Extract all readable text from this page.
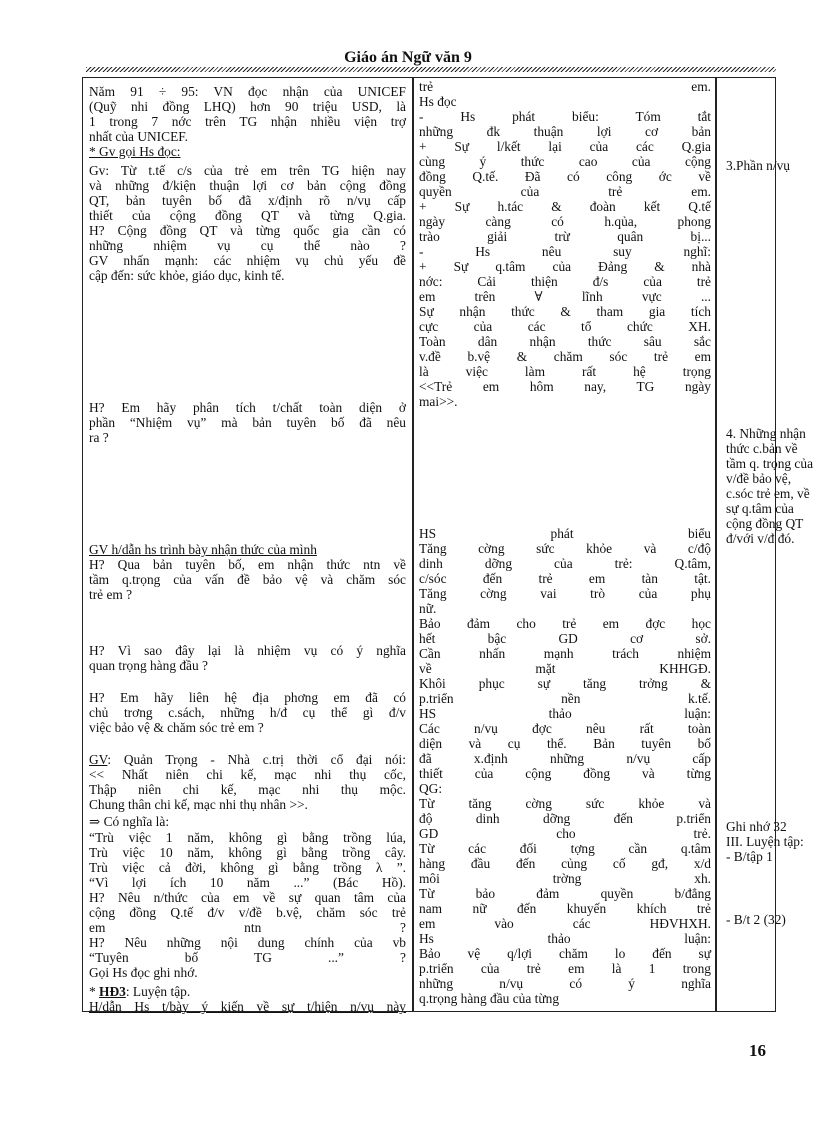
Giáo án Ngữ văn 9
Năm 91 ÷ 95: VN đọc nhận của UNICEF
(Quỹ nhi đồng LHQ) hơn 90 triệu USD, là
1 trong 7 nớc trên TG nhận nhiều viện trợ
nhất của UNICEF.
* Gv gọi Hs đọc:
Gv: Từ t.tế c/s của trẻ em trên TG hiện nay
và những đ/kiện thuận lợi cơ bản cộng đồng
QT, bản tuyên bố đã x/định rõ n/vụ cấp
thiết của cộng đồng QT và từng Q.gia.
H? Cộng đồng QT và từng quốc gia cần có
những nhiệm vụ cụ thể nào ?
GV nhấn mạnh: các nhiệm vụ chủ yếu đề
cập đến: sức khỏe, giáo dục, kinh tế.
H? Em hãy phân tích t/chất toàn diện ở
phần “Nhiệm vụ” mà bản tuyên bố đã nêu
ra ?
GV h/dẫn hs trình bày nhận thức của mình
H? Qua bản tuyên bố, em nhận thức ntn về
tầm q.trọng của vấn đề bảo vệ và chăm sóc
trẻ em ?
H? Vì sao đây lại là nhiệm vụ có ý nghĩa
quan trọng hàng đầu ?
H? Em hãy liên hệ địa phơng em đã có
chủ trơng c.sách, những h/đ cụ thể gì đ/v
việc bảo vệ & chăm sóc trẻ em ?
GV: Quản Trọng - Nhà c.trị thời cổ đại nói:
<< Nhất niên chi kế, mạc nhi thụ cốc,
Thập niên chi kế, mạc nhi thụ mộc.
Chung thân chi kế, mạc nhi thụ nhân >>.
⇒ Có nghĩa là:
“Trù việc 1 năm, không gì bằng trồng lúa,
Trù việc 10 năm, không gì bằng trồng cây.
Trù việc cả đời, không gì bằng trồng λ ”.
“Vì lợi ích 10 năm ...” (Bác Hồ).
H? Nêu n/thức của em về sự quan tâm của
cộng đồng Q.tế đ/v v/đề b.vệ, chăm sóc trẻ
em ntn ?
H? Nêu những nội dung chính của vb
“Tuyên bố TG ...” ?
Gọi Hs đọc ghi nhớ.
* HĐ3: Luyện tập.
H/dẫn Hs t/bày ý kiến về sự t/hiện n/vụ này
trẻ em.
Hs đọc
- Hs phát biểu: Tóm tắt
những đk thuận lợi cơ bản
+ Sự l/kết lại của các Q.gia
cùng ý thức cao của cộng
đồng Q.tế. Đã có công ớc về
quyền của trẻ em.
+ Sự h.tác & đoàn kết Q.tế
ngày càng có h.qủa, phong
trào giải trừ quân bị...
- Hs nêu suy nghĩ:
+ Sự q.tâm của Đảng & nhà
nớc: Cải thiện đ/s của trẻ
em trên ∀ lĩnh vực ...
Sự nhận thức & tham gia tích
cực của các tổ chức XH.
Toàn dân nhận thức sâu sắc
v.đề b.vệ & chăm sóc trẻ em
là việc làm rất hệ trọng
<<Trẻ em hôm nay, TG ngày
mai>>.
HS phát biểu
Tăng cờng sức khỏe và c/độ
dinh dỡng của trẻ: Q.tâm,
c/sóc đến trẻ em tàn tật.
Tăng cờng vai trò của phụ
nữ.
Bảo đảm cho trẻ em đợc học
hết bậc GD cơ sở.
Cần nhấn mạnh trách nhiệm
về mặt KHHGĐ.
Khôi phục sự tăng trởng &
p.triển nền k.tế.
HS thảo luận:
Các n/vụ đợc nêu rất toàn
diện và cụ thể. Bản tuyên bố
đã x.định những n/vụ cấp
thiết của cộng đồng và từng
QG:
Từ tăng cờng sức khỏe và
độ dinh dỡng đến p.triển
GD cho trẻ.
Từ các đối tợng cần q.tâm
hàng đầu đến củng cố gđ, x/d
môi trờng xh.
Từ bảo đảm quyền b/đẳng
nam nữ đến khuyến khích trẻ
em vào các HĐVHXH.
Hs thảo luận:
Bảo vệ q/lợi chăm lo đến sự
p.triển của trẻ em là 1 trong
những n/vụ có ý nghĩa
q.trọng hàng đầu của từng
3.Phần n/vụ
4. Những nhận
thức c.bản về
tầm q. trọng của
v/đề bảo vệ,
c.sóc trẻ em, về
sự q.tâm của
cộng đồng QT
đ/với v/đ đó.
Ghi nhớ 32
III. Luyện tập:
- B/tập 1
- B/t 2 (32)
16
